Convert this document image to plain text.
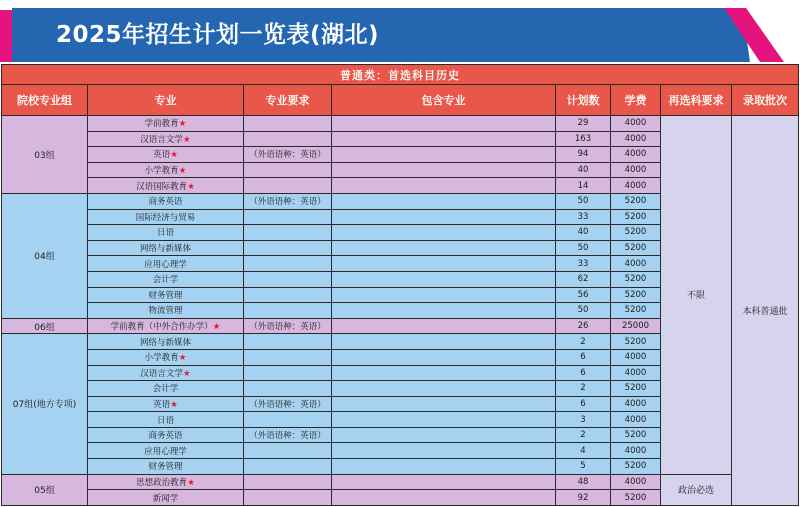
2025年招生计划一览表(湖北)
普通类：首选科目历史							
院校专业组	专业	专业要求	包含专业	计划数	学费	再选科要求	录取批次
03组	学前教育★			29	4000	不限	本科普通批
	汉语言文学★			163	4000		
	英语★	（外语语种：英语）		94	4000		
	小学教育★			40	4000		
	汉语国际教育★			14	4000		
04组	商务英语	（外语语种：英语）		50	5200		
	国际经济与贸易			33	5200		
	日语			40	5200		
	网络与新媒体			50	5200		
	应用心理学			33	4000		
	会计学			62	5200		
	财务管理			56	5200		
	物流管理			50	5200		
06组	学前教育（中外合作办学）★	（外语语种：英语）		26	25000		
07组(地方专项)	网络与新媒体			2	5200		
	小学教育★			6	4000		
	汉语言文学★			6	4000		
	会计学			2	5200		
	英语★	（外语语种：英语）		6	4000		
	日语			3	4000		
	商务英语	（外语语种：英语）		2	5200		
	应用心理学			4	4000		
	财务管理			5	5200		
05组	思想政治教育★			48	4000	政治必选	
	新闻学			92	5200		
